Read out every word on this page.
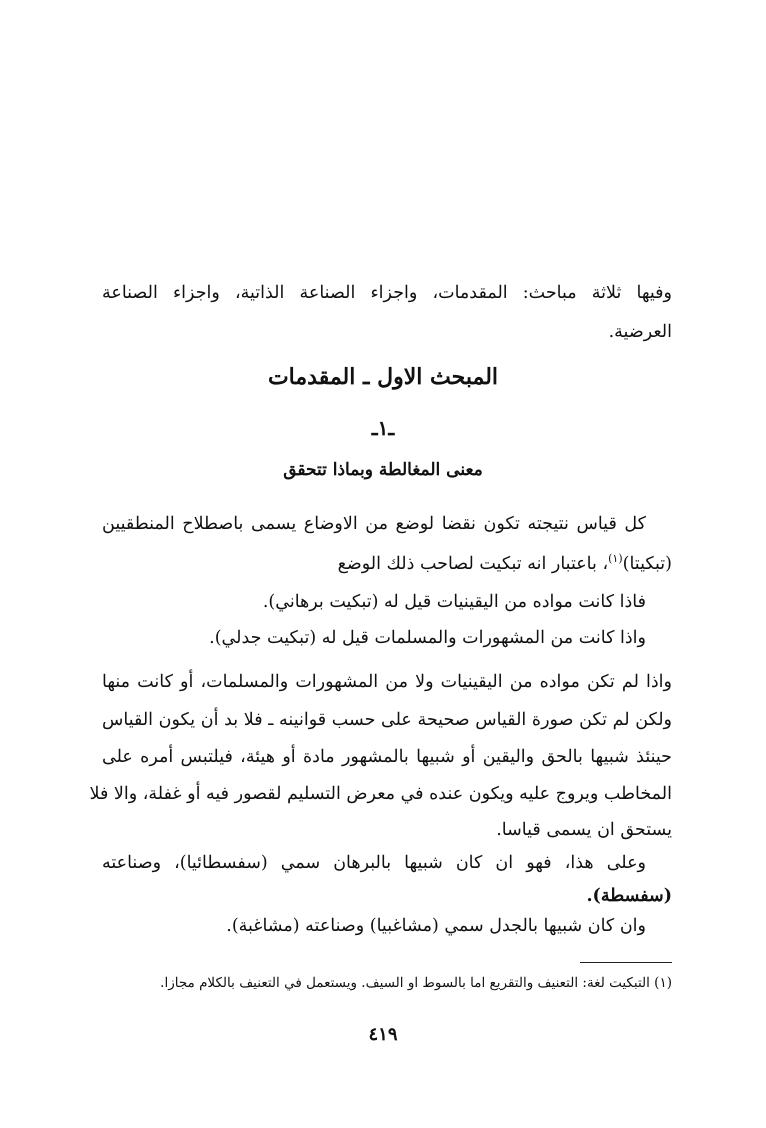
وفيها ثلاثة مباحث: المقدمات، واجزاء الصناعة الذاتية، واجزاء الصناعة
العرضية.
المبحث الاول ـ المقدمات
ـ١ـ
معنى المغالطة وبماذا تتحقق
كل قياس نتيجته تكون نقضا لوضع من الاوضاع يسمى باصطلاح المنطقيين
(تبكيتا)$^{(١)}$، باعتبار انه تبكيت لصاحب ذلك الوضع
فاذا كانت مواده من اليقينيات قيل له (تبكيت برهاني).
واذا كانت من المشهورات والمسلمات قيل له (تبكيت جدلي).
واذا لم تكن مواده من اليقينيات ولا من المشهورات والمسلمات، أو كانت منها
ولكن لم تكن صورة القياس صحيحة على حسب قوانينه ـ فلا بد أن يكون القياس
حينئذ شبيها بالحق واليقين أو شبيها بالمشهور مادة أو هيئة، فيلتبس أمره على
المخاطب ويروج عليه ويكون عنده في معرض التسليم لقصور فيه أو غفلة، والا فلا
يستحق ان يسمى قياسا.
وعلى هذا، فهو ان كان شبيها بالبرهان سمي (سفسطائيا)، وصناعته
(سفسطة).
وان كان شبيها بالجدل سمي (مشاغبيا) وصناعته (مشاغبة).
(١) التبكيت لغة: التعنيف والتقريع اما بالسوط او السيف. ويستعمل في التعنيف بالكلام مجازا.
٤١٩
